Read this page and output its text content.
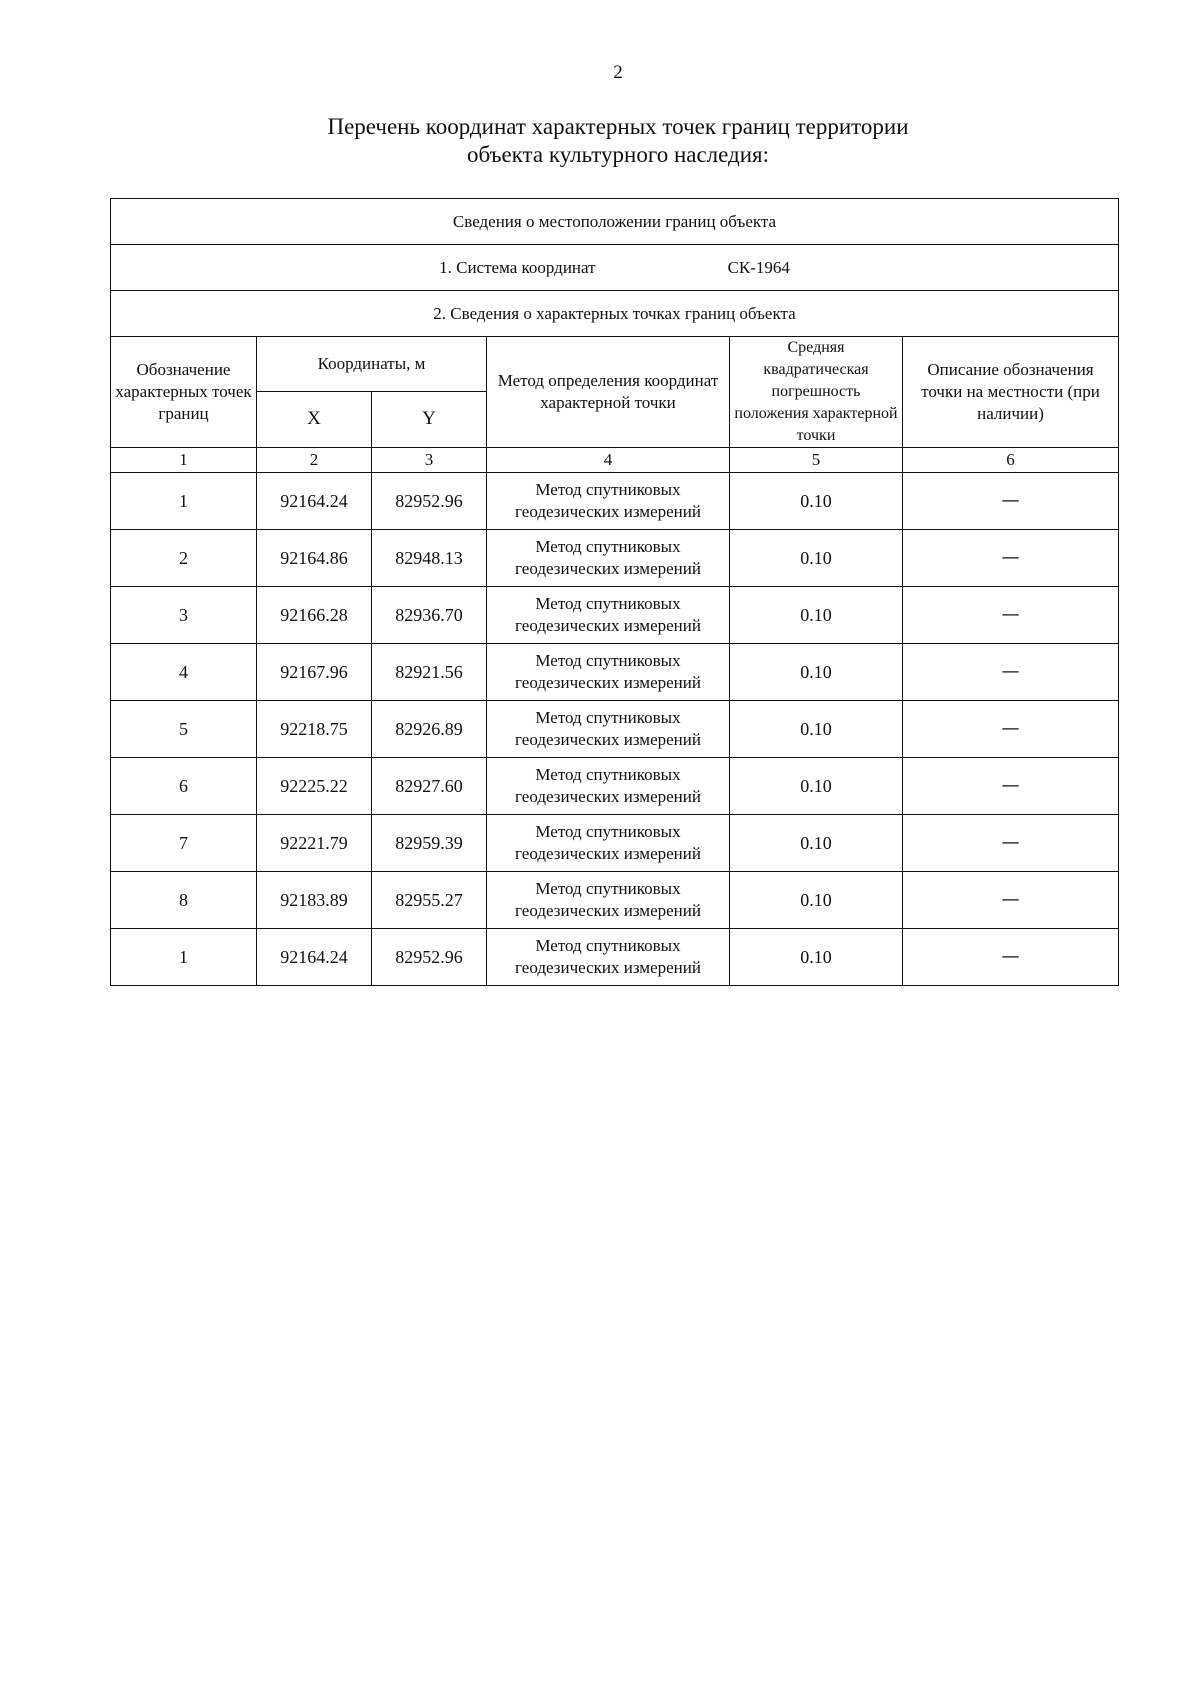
2
Перечень координат характерных точек границ территории
объекта культурного наследия:
Сведения о местоположении границ объекта					
1. Система координат СК-1964					
2. Сведения о характерных точках границ объекта					
Обозначение характерных точек границ	Координаты, м		Метод определения координат характерной точки	Средняя квадратическая погрешность положения характерной точки	Описание обозначения точки на местности (при наличии)
	X	Y			
1	2	3	4	5	6
1	92164.24	82952.96	Метод спутниковых геодезических измерений	0.10	—
2	92164.86	82948.13	Метод спутниковых геодезических измерений	0.10	—
3	92166.28	82936.70	Метод спутниковых геодезических измерений	0.10	—
4	92167.96	82921.56	Метод спутниковых геодезических измерений	0.10	—
5	92218.75	82926.89	Метод спутниковых геодезических измерений	0.10	—
6	92225.22	82927.60	Метод спутниковых геодезических измерений	0.10	—
7	92221.79	82959.39	Метод спутниковых геодезических измерений	0.10	—
8	92183.89	82955.27	Метод спутниковых геодезических измерений	0.10	—
1	92164.24	82952.96	Метод спутниковых геодезических измерений	0.10	—
